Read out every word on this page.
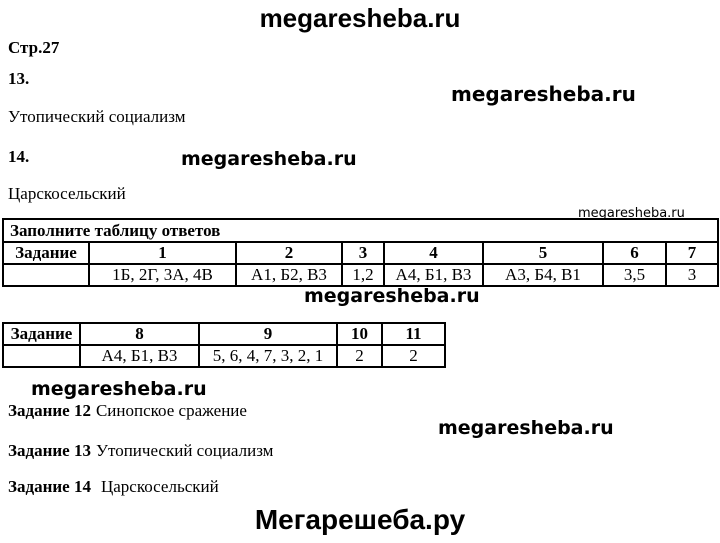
megaresheba.ru
Стр.27
13.
megaresheba.ru
Утопический социализм
14.	megaresheba.ru
Царскосельский
megaresheba.ru
Заполните таблицу ответов							
Задание	1	2	3	4	5	6	7
	1Б, 2Г, 3А, 4В	А1, Б2, В3	1,2	А4, Б1, В3	А3, Б4, В1	3,5	3
megaresheba.ru
Задание	8	9	10	11
	А4, Б1, В3	5, 6, 4, 7, 3, 2, 1	2	2
megaresheba.ru
Задание 12 Синопское сражение
megaresheba.ru
Задание 13 Утопический социализм
Задание 14 Царскосельский
Мегарешеба.ру
